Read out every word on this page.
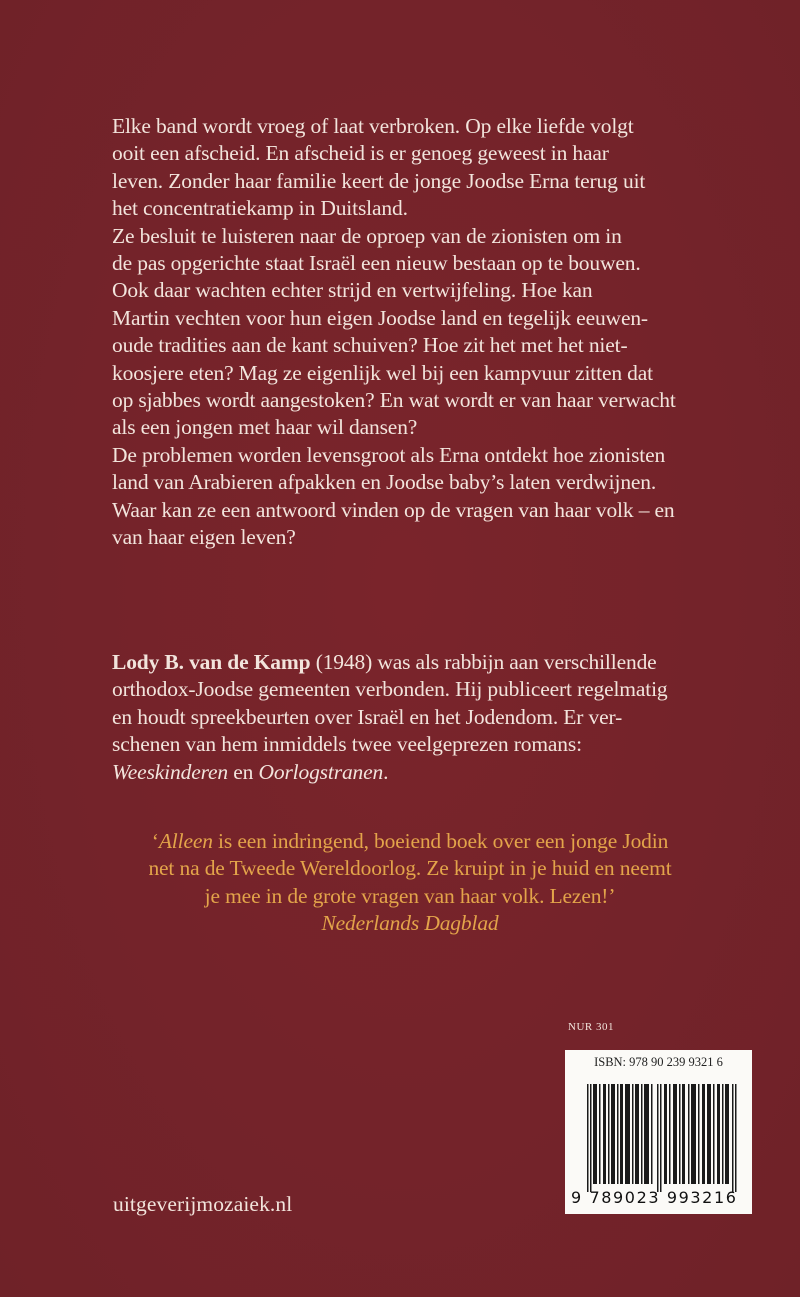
Elke band wordt vroeg of laat verbroken. Op elke liefde volgt

ooit een afscheid. En afscheid is er genoeg geweest in haar

leven. Zonder haar familie keert de jonge Joodse Erna terug uit

het concentratiekamp in Duitsland.

Ze besluit te luisteren naar de oproep van de zionisten om in

de pas opgerichte staat Israël een nieuw bestaan op te bouwen.

Ook daar wachten echter strijd en vertwijfeling. Hoe kan

Martin vechten voor hun eigen Joodse land en tegelijk eeuwen-

oude tradities aan de kant schuiven? Hoe zit het met het niet-

koosjere eten? Mag ze eigenlijk wel bij een kampvuur zitten dat

op sjabbes wordt aangestoken? En wat wordt er van haar verwacht

als een jongen met haar wil dansen?

De problemen worden levensgroot als Erna ontdekt hoe zionisten

land van Arabieren afpakken en Joodse baby’s laten verdwijnen.

Waar kan ze een antwoord vinden op de vragen van haar volk – en

van haar eigen leven?

Lody B. van de Kamp (1948) was als rabbijn aan verschillende

orthodox-Joodse gemeenten verbonden. Hij publiceert regelmatig

en houdt spreekbeurten over Israël en het Jodendom. Er ver-

schenen van hem inmiddels twee veelgeprezen romans:

Weeskinderen en Oorlogstranen.

‘Alleen is een indringend, boeiend boek over een jonge Jodin

net na de Tweede Wereldoorlog. Ze kruipt in je huid en neemt

je mee in de grote vragen van haar volk. Lezen!’

Nederlands Dagblad

NUR 301
ISBN: 978 90 239 9321 6
9 789023 993216
uitgeverijmozaiek.nl
